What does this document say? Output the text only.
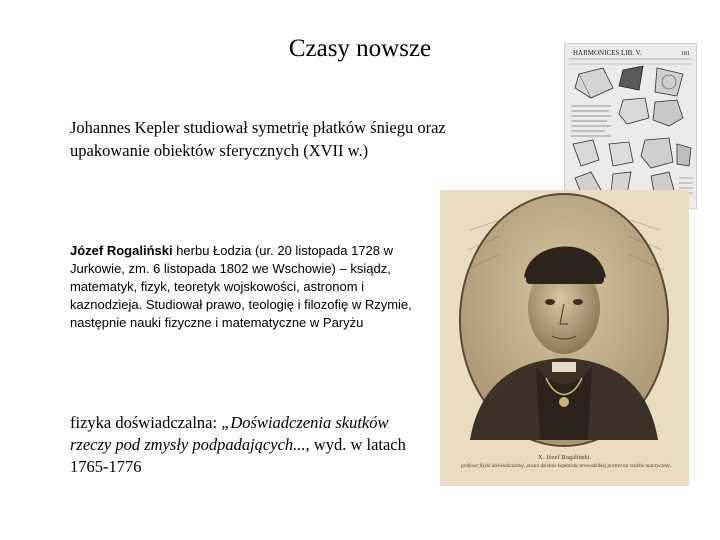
Czasy nowsze
Johannes Kepler studiował symetrię płatków śniegu oraz upakowanie obiektów sferycznych (XVII w.)
Józef Rogaliński herbu Łodzia (ur. 20 listopada 1728 w Jurkowie, zm. 6 listopada 1802 we Wschowie) – ksiądz, matematyk, fizyk, teoretyk wojskowości, astronom i kaznodzieja. Studiował prawo, teologię i filozofię w Rzymie, następnie nauki fizyczne i matematyczne w Paryżu
fizyka doświadczalna: „Doświadczenia skutków rzeczy pod zmysły podpadających..., wyd. w latach 1765-1776
HARMONICES LIB. V.	181
X. Józef Rogaliński.
profesor fizyki doświadczalnej, pisarz dzieław kapłańsky prowadzikiej portret na rzędzie autorycznej.
